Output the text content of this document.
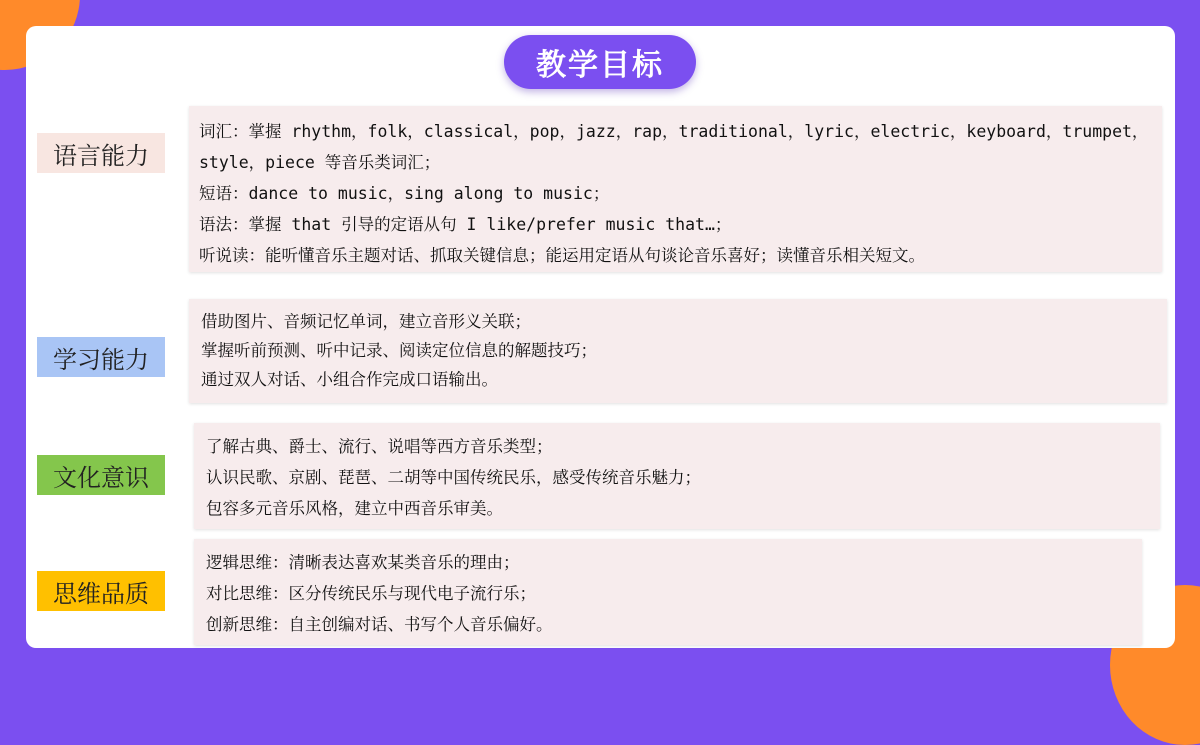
教学目标
语言能力
词汇：掌握 rhythm，folk，classical，pop，jazz，rap，traditional，lyric，electric，keyboard，trumpet，style，piece 等音乐类词汇；
短语：dance to music，sing along to music；
语法：掌握 that 引导的定语从句 I like/prefer music that…；
听说读：能听懂音乐主题对话、抓取关键信息；能运用定语从句谈论音乐喜好；读懂音乐相关短文。
学习能力
借助图片、音频记忆单词，建立音形义关联；
掌握听前预测、听中记录、阅读定位信息的解题技巧；
通过双人对话、小组合作完成口语输出。
文化意识
了解古典、爵士、流行、说唱等西方音乐类型；
认识民歌、京剧、琵琶、二胡等中国传统民乐，感受传统音乐魅力；
包容多元音乐风格，建立中西音乐审美。
思维品质
逻辑思维：清晰表达喜欢某类音乐的理由；
对比思维：区分传统民乐与现代电子流行乐；
创新思维：自主创编对话、书写个人音乐偏好。
